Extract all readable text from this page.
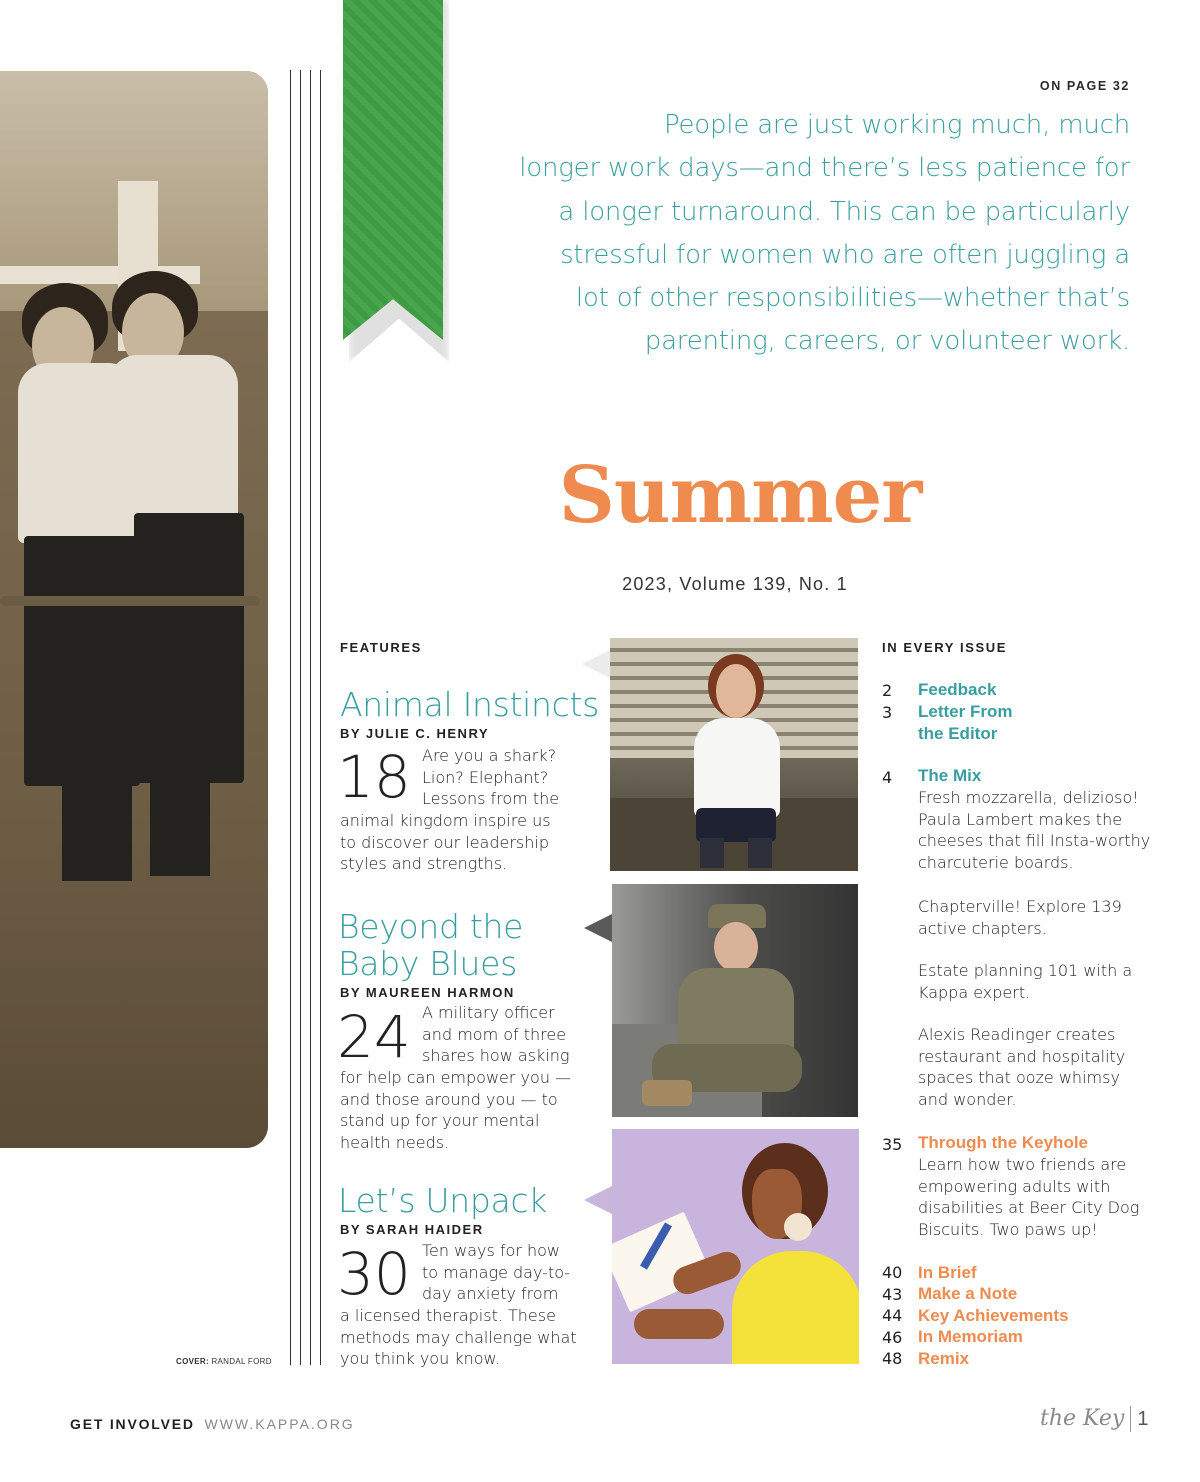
COVER: RANDAL FORD
ON PAGE 32
People are just working much, much
longer work days—and there’s less patience for
a longer turnaround. This can be particularly
stressful for women who are often juggling a
lot of other responsibilities—whether that’s
parenting, careers, or volunteer work.
Summer
2023, Volume 139, No. 1
FEATURES
Animal Instincts
BY JULIE C. HENRY
18 Are you a shark?
Lion? Elephant?
Lessons from the
animal kingdom inspire us
to discover our leadership
styles and strengths.
Beyond the
Baby Blues
BY MAUREEN HARMON
24 A military officer
and mom of three
shares how asking
for help can empower you —
and those around you — to
stand up for your mental
health needs.
Let’s Unpack
BY SARAH HAIDER
30 Ten ways for how
to manage day-to-
day anxiety from
a licensed therapist. These
methods may challenge what
you think you know.
IN EVERY ISSUE
2 Feedback
3 Letter From
the Editor
4 The Mix
Fresh mozzarella, delizioso!
Paula Lambert makes the
cheeses that fill Insta-worthy
charcuterie boards.
Chapterville! Explore 139
active chapters.
Estate planning 101 with a
Kappa expert.
Alexis Readinger creates
restaurant and hospitality
spaces that ooze whimsy
and wonder.
35 Through the Keyhole
Learn how two friends are
empowering adults with
disabilities at Beer City Dog
Biscuits. Two paws up!
40 In Brief
43 Make a Note
44 Key Achievements
46 In Memoriam
48 Remix
GET INVOLVED WWW.KAPPA.ORG	the Key 1
